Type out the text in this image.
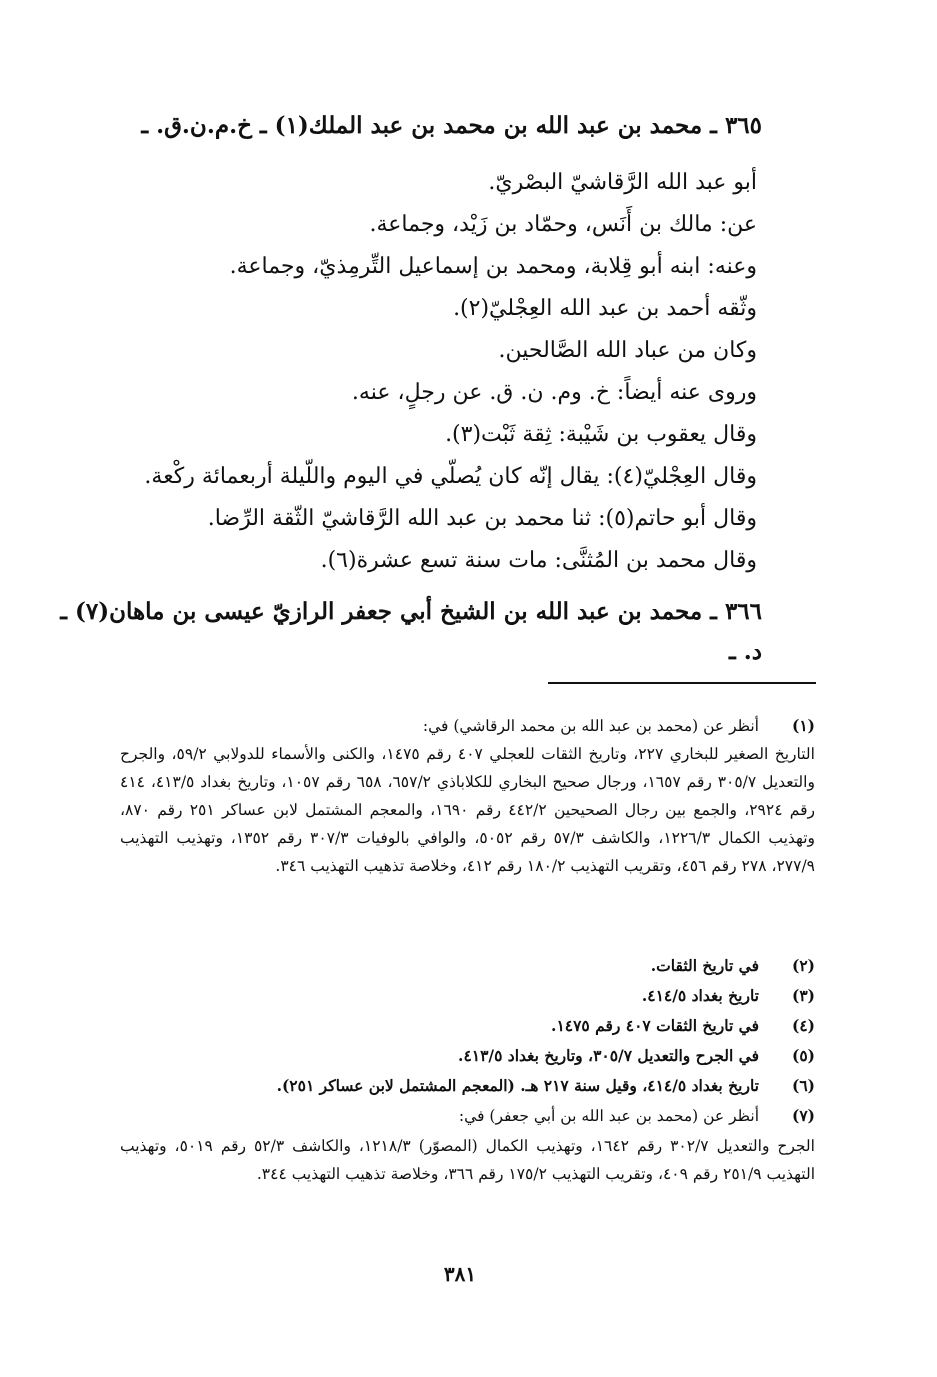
٣٦٥ ـ محمد بن عبد الله بن محمد بن عبد الملك(١) ـ خ.م.ن.ق. ـ
أبو عبد الله الرَّقاشيّ البصْريّ.
عن: مالك بن أَنَس، وحمّاد بن زَيْد، وجماعة.
وعنه: ابنه أبو قِلابة، ومحمد بن إسماعيل التِّرمِذيّ، وجماعة.
وثّقه أحمد بن عبد الله العِجْليّ(٢).
وكان من عباد الله الصَّالحين.
وروى عنه أيضاً: خ. وم. ن. ق. عن رجلٍ، عنه.
وقال يعقوب بن شَيْبة: ثِقة ثَبْت(٣).
وقال العِجْليّ(٤): يقال إنّه كان يُصلّي في اليوم واللّيلة أربعمائة ركْعة.
وقال أبو حاتم(٥): ثنا محمد بن عبد الله الرَّقاشيّ الثّقة الرِّضا.
وقال محمد بن المُثنَّى: مات سنة تسع عشرة(٦).
٣٦٦ ـ محمد بن عبد الله بن الشيخ أبي جعفر الرازيّ عيسى بن ماهان(٧) ـ
د. ـ
(١)
أنظر عن (محمد بن عبد الله بن محمد الرقاشي) في:
التاريخ الصغير للبخاري ٢٢٧، وتاريخ الثقات للعجلي ٤٠٧ رقم ١٤٧٥، والكنى والأسماء للدولابي ٥٩/٢، والجرح والتعديل ٣٠٥/٧ رقم ١٦٥٧، ورجال صحيح البخاري للكلاباذي ٦٥٧/٢، ٦٥٨ رقم ١٠٥٧، وتاريخ بغداد ٤١٣/٥، ٤١٤ رقم ٢٩٢٤، والجمع بين رجال الصحيحين ٤٤٢/٢ رقم ١٦٩٠، والمعجم المشتمل لابن عساكر ٢٥١ رقم ٨٧٠، وتهذيب الكمال ١٢٢٦/٣، والكاشف ٥٧/٣ رقم ٥٠٥٢، والوافي بالوفيات ٣٠٧/٣ رقم ١٣٥٢، وتهذيب التهذيب ٢٧٧/٩، ٢٧٨ رقم ٤٥٦، وتقريب التهذيب ١٨٠/٢ رقم ٤١٢، وخلاصة تذهيب التهذيب ٣٤٦.
(٢)
في تاريخ الثقات.
(٣)
تاريخ بغداد ٤١٤/٥.
(٤)
في تاريخ الثقات ٤٠٧ رقم ١٤٧٥.
(٥)
في الجرح والتعديل ٣٠٥/٧، وتاريخ بغداد ٤١٣/٥.
(٦)
تاريخ بغداد ٤١٤/٥، وقيل سنة ٢١٧ هـ. (المعجم المشتمل لابن عساكر ٢٥١).
(٧)
أنظر عن (محمد بن عبد الله بن أبي جعفر) في:
الجرح والتعديل ٣٠٢/٧ رقم ١٦٤٢، وتهذيب الكمال (المصوّر) ١٢١٨/٣، والكاشف ٥٢/٣ رقم ٥٠١٩، وتهذيب التهذيب ٢٥١/٩ رقم ٤٠٩، وتقريب التهذيب ١٧٥/٢ رقم ٣٦٦، وخلاصة تذهيب التهذيب ٣٤٤.
٣٨١
